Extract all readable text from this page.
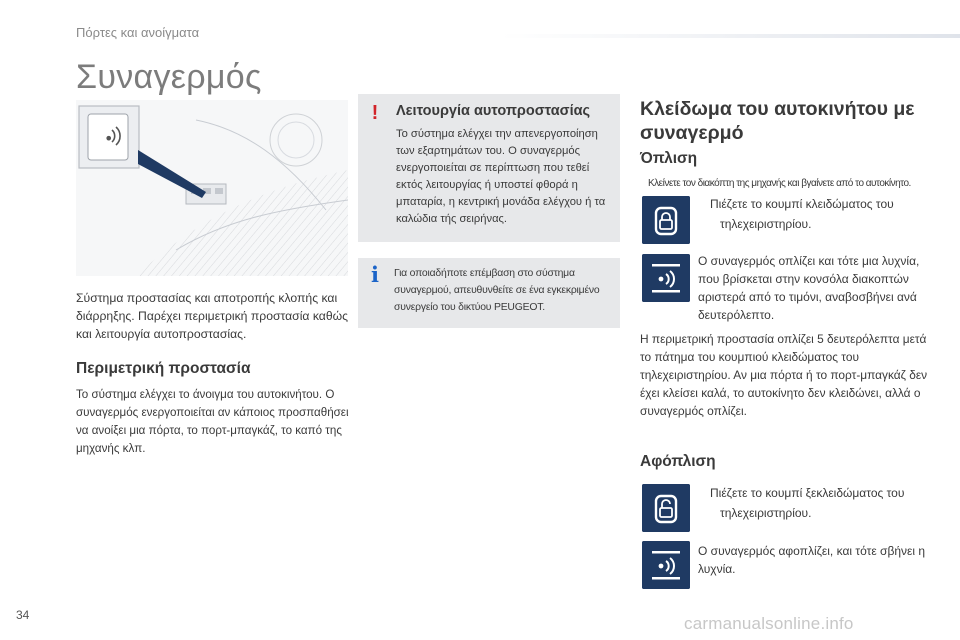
Πόρτες και ανοίγματα
Συναγερμός
•
Σύστημα προστασίας και αποτροπής κλοπής και διάρρηξης. Παρέχει περιμετρική προστασία καθώς και λειτουργία αυτοπροστασίας.
Περιμετρική προστασία
Το σύστημα ελέγχει το άνοιγμα του αυτοκινήτου. Ο συναγερμός ενεργοποιείται αν κάποιος προσπαθήσει να ανοίξει μια πόρτα, το πορτ-μπαγκάζ, το καπό της μηχανής κλπ.
!	Λειτουργία αυτοπροστασίας
Το σύστημα ελέγχει την απενεργοποίηση των εξαρτημάτων του. Ο συναγερμός ενεργοποιείται σε περίπτωση που τεθεί εκτός λειτουργίας ή υποστεί φθορά η μπαταρία, η κεντρική μονάδα ελέγχου ή τα καλώδια τής σειρήνας.
i	Για οποιαδήποτε επέμβαση στο σύστημα συναγερμού, απευθυνθείτε σε ένα εγκεκριμένο συνεργείο του δικτύου PEUGEOT.
Κλείδωμα του αυτοκινήτου με συναγερμό
Όπλιση
Κλείνετε τον διακόπτη της μηχανής και βγαίνετε από το αυτοκίνητο.
Πιέζετε το κουμπί κλειδώματος του τηλεχειριστηρίου.
Ο συναγερμός οπλίζει και τότε μια λυχνία, που βρίσκεται στην κονσόλα διακοπτών αριστερά από το τιμόνι, αναβοσβήνει ανά δευτερόλεπτο.
Η περιμετρική προστασία οπλίζει 5 δευτερόλεπτα μετά το πάτημα του κουμπιού κλειδώματος του τηλεχειριστηρίου. Αν μια πόρτα ή το πορτ-μπαγκάζ δεν έχει κλείσει καλά, το αυτοκίνητο δεν κλειδώνει, αλλά ο συναγερμός οπλίζει.
Αφόπλιση
Πιέζετε το κουμπί ξεκλειδώματος του τηλεχειριστηρίου.
Ο συναγερμός αφοπλίζει, και τότε σβήνει η λυχνία.
34	carmanualsonline.info
